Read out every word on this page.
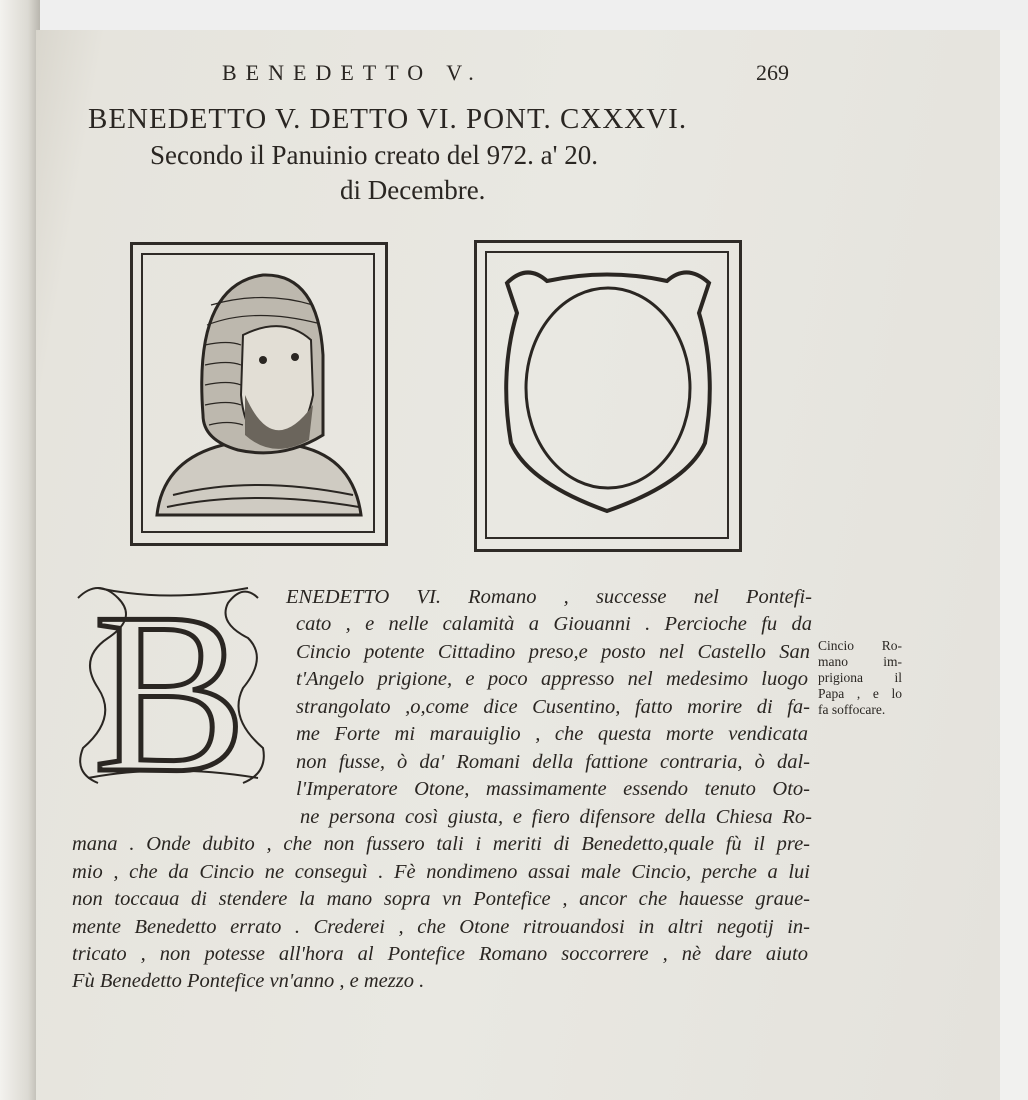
BENEDETTO V.	269
BENEDETTO V. DETTO VI. PONT. CXXXVI.
Secondo il Panuinio creato del 972. a' 20.
di Decembre.
B ENEDETTO VI. Romano , successe nel Pontefi-
cato , e nelle calamità a Giouanni . Percioche fu da
Cincio potente Cittadino preso,e posto nel Castello San
t'Angelo prigione, e poco appresso nel medesimo luogo
strangolato ,o,come dice Cusentino, fatto morire di fa-
me Forte mi marauiglio , che questa morte vendicata
non fusse, ò da' Romani della fattione contraria, ò dal-
l'Imperatore Otone, massimamente essendo tenuto Oto-
ne persona così giusta, e fiero difensore della Chiesa Ro-
mana . Onde dubito , che non fussero tali i meriti di Benedetto,quale fù il pre-
mio , che da Cincio ne conseguì . Fè nondimeno assai male Cincio, perche a lui
non toccaua di stendere la mano sopra vn Pontefice , ancor che hauesse graue-
mente Benedetto errato . Crederei , che Otone ritrouandosi in altri negotij in-
tricato , non potesse all'hora al Pontefice Romano soccorrere , nè dare aiuto
Fù Benedetto Pontefice vn'anno , e mezzo .
Cincio Ro-
mano im-
prigiona il
Papa , e lo
fa soffocare.
